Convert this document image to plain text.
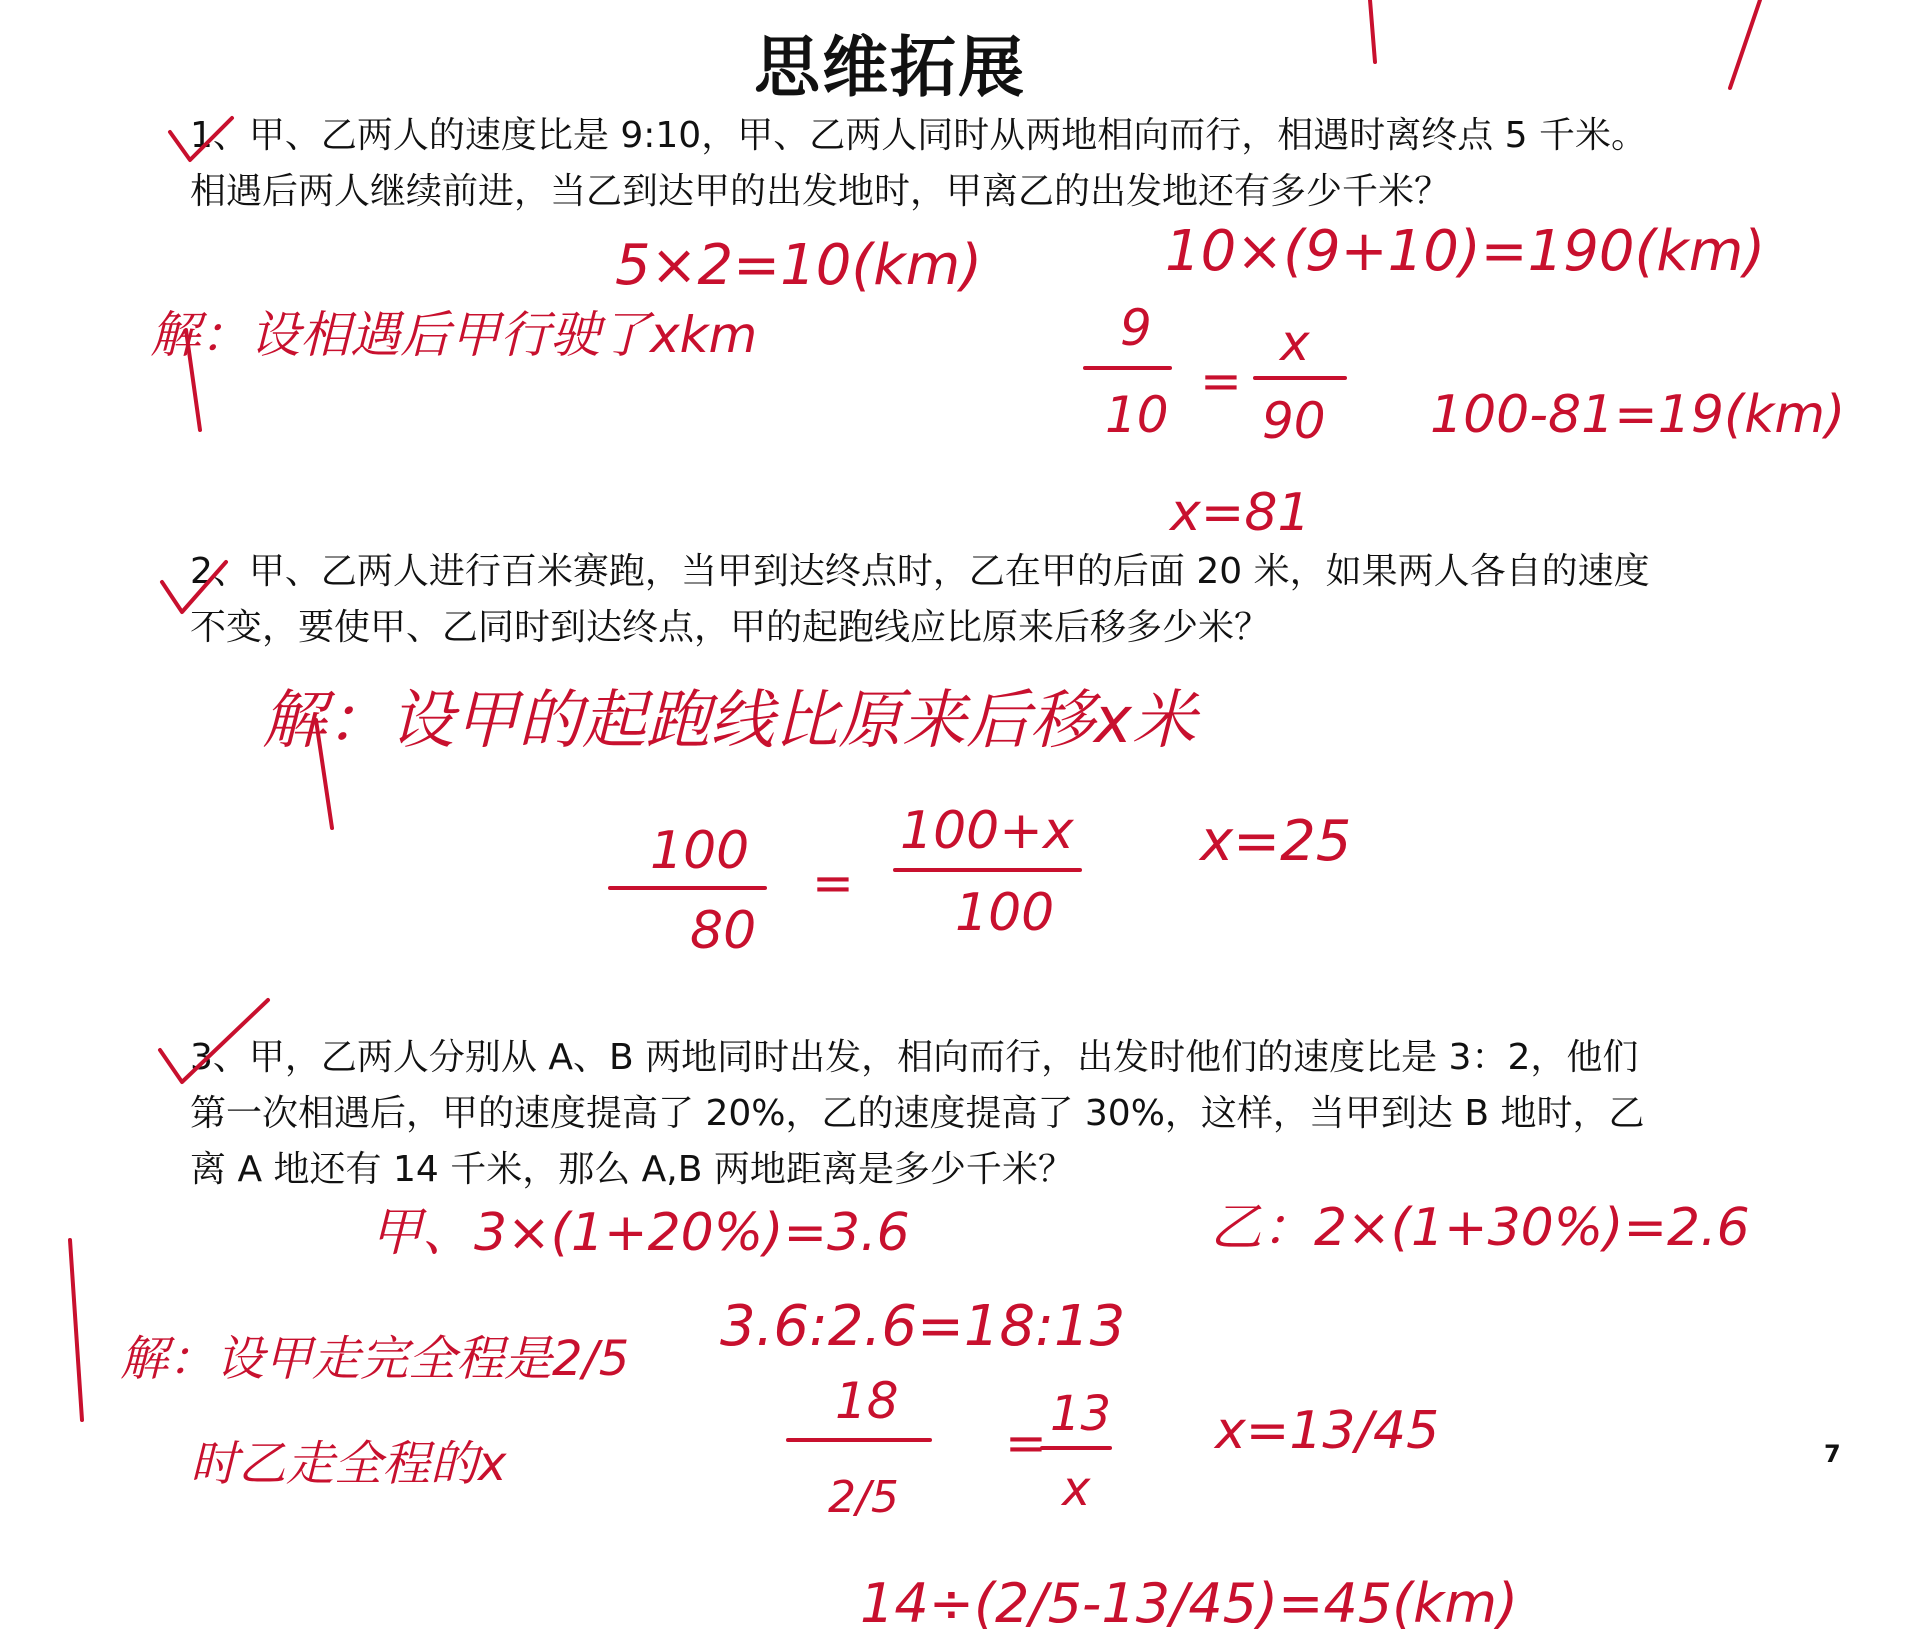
思维拓展
1、甲、乙两人的速度比是 9:10，甲、乙两人同时从两地相向而行，相遇时离终点 5 千米。相遇后两人继续前进，当乙到达甲的出发地时，甲离乙的出发地还有多少千米？
2、甲、乙两人进行百米赛跑，当甲到达终点时，乙在甲的后面 20 米，如果两人各自的速度不变，要使甲、乙同时到达终点，甲的起跑线应比原来后移多少米？
3、甲，乙两人分别从 A、B 两地同时出发，相向而行，出发时他们的速度比是 3：2，他们第一次相遇后，甲的速度提高了 20%，乙的速度提高了 30%，这样，当甲到达 B 地时，乙离 A 地还有 14 千米，那么 A,B 两地距离是多少千米？
7
5×2=10(km)	10×(9+10)=190(km)
解：设相遇后甲行驶了xkm	9
10
=
x
90 100-81=19(km)
x=81
解：设甲的起跑线比原来后移x米
100
80
=
100+x
100
x=25
甲、3×(1+20%)=3.6	乙：2×(1+30%)=2.6
3.6:2.6=18:13
解：设甲走完全程是2/5
时乙走全程的x
18
2/5
= 13
x
x=13/45
14÷(2/5-13/45)=45(km)
